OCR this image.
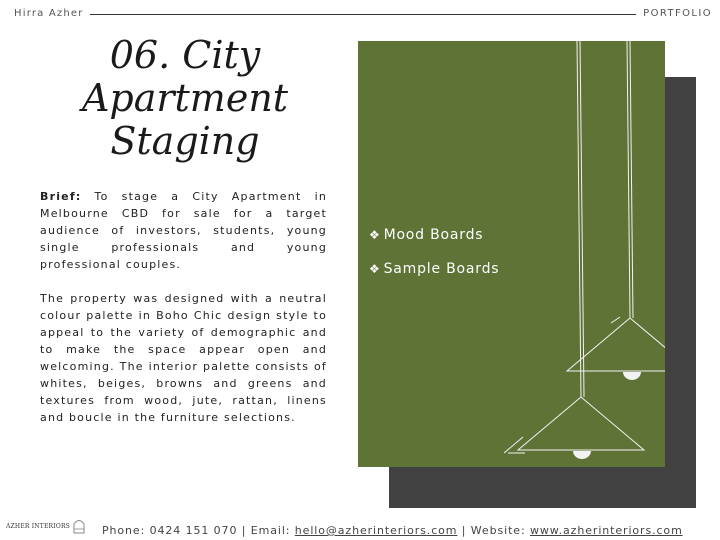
Hirra Azher	PORTFOLIO
06. City
Apartment
Staging

Brief: To stage a City Apartment in Melbourne CBD for sale for a target audience of investors, students, young single professionals and young professional couples.

The property was designed with a neutral colour palette in Boho Chic design style to appeal to the variety of demographic and to make the space appear open and welcoming. The interior palette consists of whites, beiges, browns and greens and textures from wood, jute, rattan, linens and boucle in the furniture selections.

❖ Mood Boards
❖ Sample Boards
AZHER INTERIORS	Phone: 0424 151 070 | Email: hello@azherinteriors.com | Website: www.azherinteriors.com
